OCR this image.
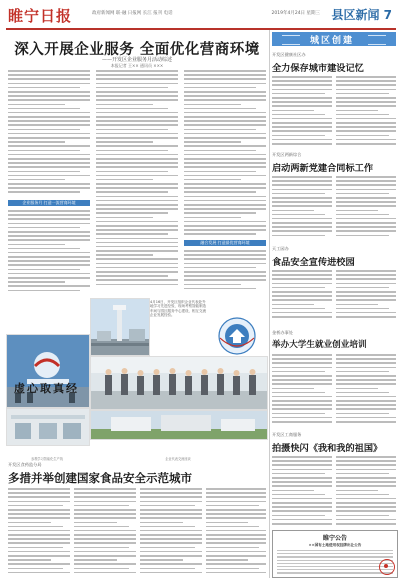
睢宁日报	政府新闻网 联·融 日报网 长江 报刊 电话	2019年4月24日 星期三 县区新闻 7
深入开展企业服务 全面优化营商环境
——开发区企业服务月活动综述
本报记者 王×× 通讯员 ×××
企业服务月 打造一流营商环境
融合发展 打造最优营商环境
4月16日，开发区组织企业代表赴外地学习先进经验，现场考察智能制造车间与园区服务中心建设，相互交流企业发展经验。
虚心取真经
参观学习智能化生产线	企业代表交流座谈
开发区食药监分局
多措并举创建国家食品安全示范城市
城区创建
开发区健康社区办
全力保存城市建设记忆
开发区两新综合
启动两新党建合同标工作
天工园办
食品安全宣传进校园
金桥办事处
举办大学生就业创业培训
开发区工商服务
拍摄快闪《我和我的祖国》
睢宁公告
××国有土地使用权挂牌出让公告
